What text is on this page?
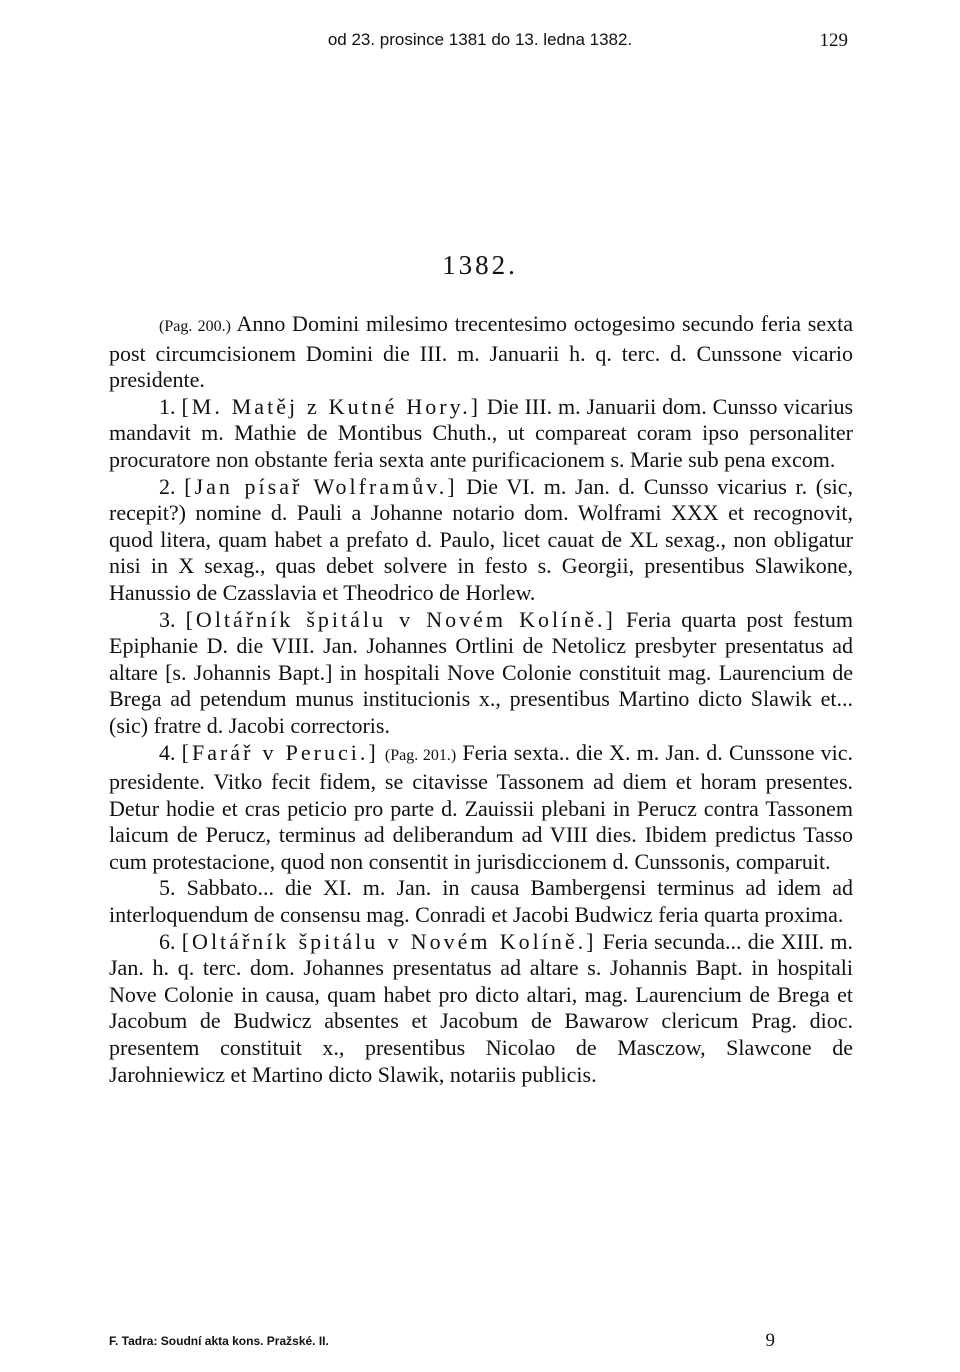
od 23. prosince 1381 do 13. ledna 1382.	129
1382.

(Pag. 200.) Anno Domini milesimo trecentesimo octogesimo secundo feria sexta post circumcisionem Domini die III. m. Januarii h. q. terc. d. Cunssone vicario presidente.

1. [M. Matěj z Kutné Hory.] Die III. m. Januarii dom. Cunsso vicarius mandavit m. Mathie de Montibus Chuth., ut compareat coram ipso personaliter procuratore non obstante feria sexta ante purificacionem s. Marie sub pena excom.

2. [Jan písař Wolframův.] Die VI. m. Jan. d. Cunsso vicarius r. (sic, recepit?) nomine d. Pauli a Johanne notario dom. Wolframi XXX et recognovit, quod litera, quam habet a prefato d. Paulo, licet cauat de XL sexag., non obligatur nisi in X sexag., quas debet solvere in festo s. Georgii, presentibus Slawikone, Hanussio de Czasslavia et Theodrico de Horlew.

3. [Oltářník špitálu v Novém Kolíně.] Feria quarta post festum Epiphanie D. die VIII. Jan. Johannes Ortlini de Netolicz presbyter presentatus ad altare [s. Johannis Bapt.] in hospitali Nove Colonie constituit mag. Laurencium de Brega ad petendum munus institucionis x., presentibus Martino dicto Slawik et... (sic) fratre d. Jacobi correctoris.

4. [Farář v Peruci.] (Pag. 201.) Feria sexta.. die X. m. Jan. d. Cunssone vic. presidente. Vitko fecit fidem, se citavisse Tassonem ad diem et horam presentes. Detur hodie et cras peticio pro parte d. Zauissii plebani in Perucz contra Tassonem laicum de Perucz, terminus ad deliberandum ad VIII dies. Ibidem predictus Tasso cum protestacione, quod non consentit in jurisdiccionem d. Cunssonis, comparuit.

5. Sabbato... die XI. m. Jan. in causa Bambergensi terminus ad idem ad interloquendum de consensu mag. Conradi et Jacobi Budwicz feria quarta proxima.

6. [Oltářník špitálu v Novém Kolíně.] Feria secunda... die XIII. m. Jan. h. q. terc. dom. Johannes presentatus ad altare s. Johannis Bapt. in hospitali Nove Colonie in causa, quam habet pro dicto altari, mag. Laurencium de Brega et Jacobum de Budwicz absentes et Jacobum de Bawarow clericum Prag. dioc. presentem constituit x., presentibus Nicolao de Masczow, Slawcone de Jarohniewicz et Martino dicto Slawik, notariis publicis.

F. Tadra: Soudní akta kons. Pražské. II.	9
